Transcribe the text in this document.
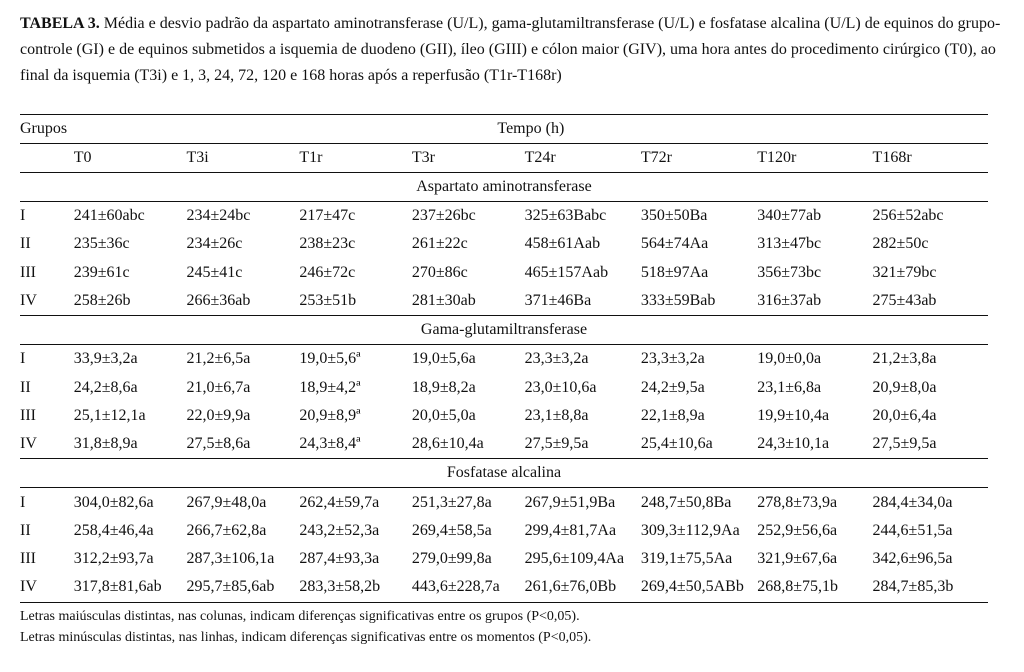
TABELA 3. Média e desvio padrão da aspartato aminotransferase (U/L), gama-glutamiltransferase (U/L) e fosfatase alcalina (U/L) de equinos do grupo-controle (GI) e de equinos submetidos a isquemia de duodeno (GII), íleo (GIII) e cólon maior (GIV), uma hora antes do procedimento cirúrgico (T0), ao final da isquemia (T3i) e 1, 3, 24, 72, 120 e 168 horas após a reperfusão (T1r-T168r)
Grupos	Tempo (h)							
	T0	T3i	T1r	T3r	T24r	T72r	T120r	T168r
Aspartato aminotransferase								
I	241±60abc	234±24bc	217±47c	237±26bc	325±63Babc	350±50Ba	340±77ab	256±52abc
II	235±36c	234±26c	238±23c	261±22c	458±61Aab	564±74Aa	313±47bc	282±50c
III	239±61c	245±41c	246±72c	270±86c	465±157Aab	518±97Aa	356±73bc	321±79bc
IV	258±26b	266±36ab	253±51b	281±30ab	371±46Ba	333±59Bab	316±37ab	275±43ab
Gama-glutamiltransferase								
I	33,9±3,2a	21,2±6,5a	19,0±5,6ª	19,0±5,6a	23,3±3,2a	23,3±3,2a	19,0±0,0a	21,2±3,8a
II	24,2±8,6a	21,0±6,7a	18,9±4,2ª	18,9±8,2a	23,0±10,6a	24,2±9,5a	23,1±6,8a	20,9±8,0a
III	25,1±12,1a	22,0±9,9a	20,9±8,9ª	20,0±5,0a	23,1±8,8a	22,1±8,9a	19,9±10,4a	20,0±6,4a
IV	31,8±8,9a	27,5±8,6a	24,3±8,4ª	28,6±10,4a	27,5±9,5a	25,4±10,6a	24,3±10,1a	27,5±9,5a
Fosfatase alcalina								
I	304,0±82,6a	267,9±48,0a	262,4±59,7a	251,3±27,8a	267,9±51,9Ba	248,7±50,8Ba	278,8±73,9a	284,4±34,0a
II	258,4±46,4a	266,7±62,8a	243,2±52,3a	269,4±58,5a	299,4±81,7Aa	309,3±112,9Aa	252,9±56,6a	244,6±51,5a
III	312,2±93,7a	287,3±106,1a	287,4±93,3a	279,0±99,8a	295,6±109,4Aa	319,1±75,5Aa	321,9±67,6a	342,6±96,5a
IV	317,8±81,6ab	295,7±85,6ab	283,3±58,2b	443,6±228,7a	261,6±76,0Bb	269,4±50,5ABb	268,8±75,1b	284,7±85,3b
Letras maiúsculas distintas, nas colunas, indicam diferenças significativas entre os grupos (P<0,05).
Letras minúsculas distintas, nas linhas, indicam diferenças significativas entre os momentos (P<0,05).
